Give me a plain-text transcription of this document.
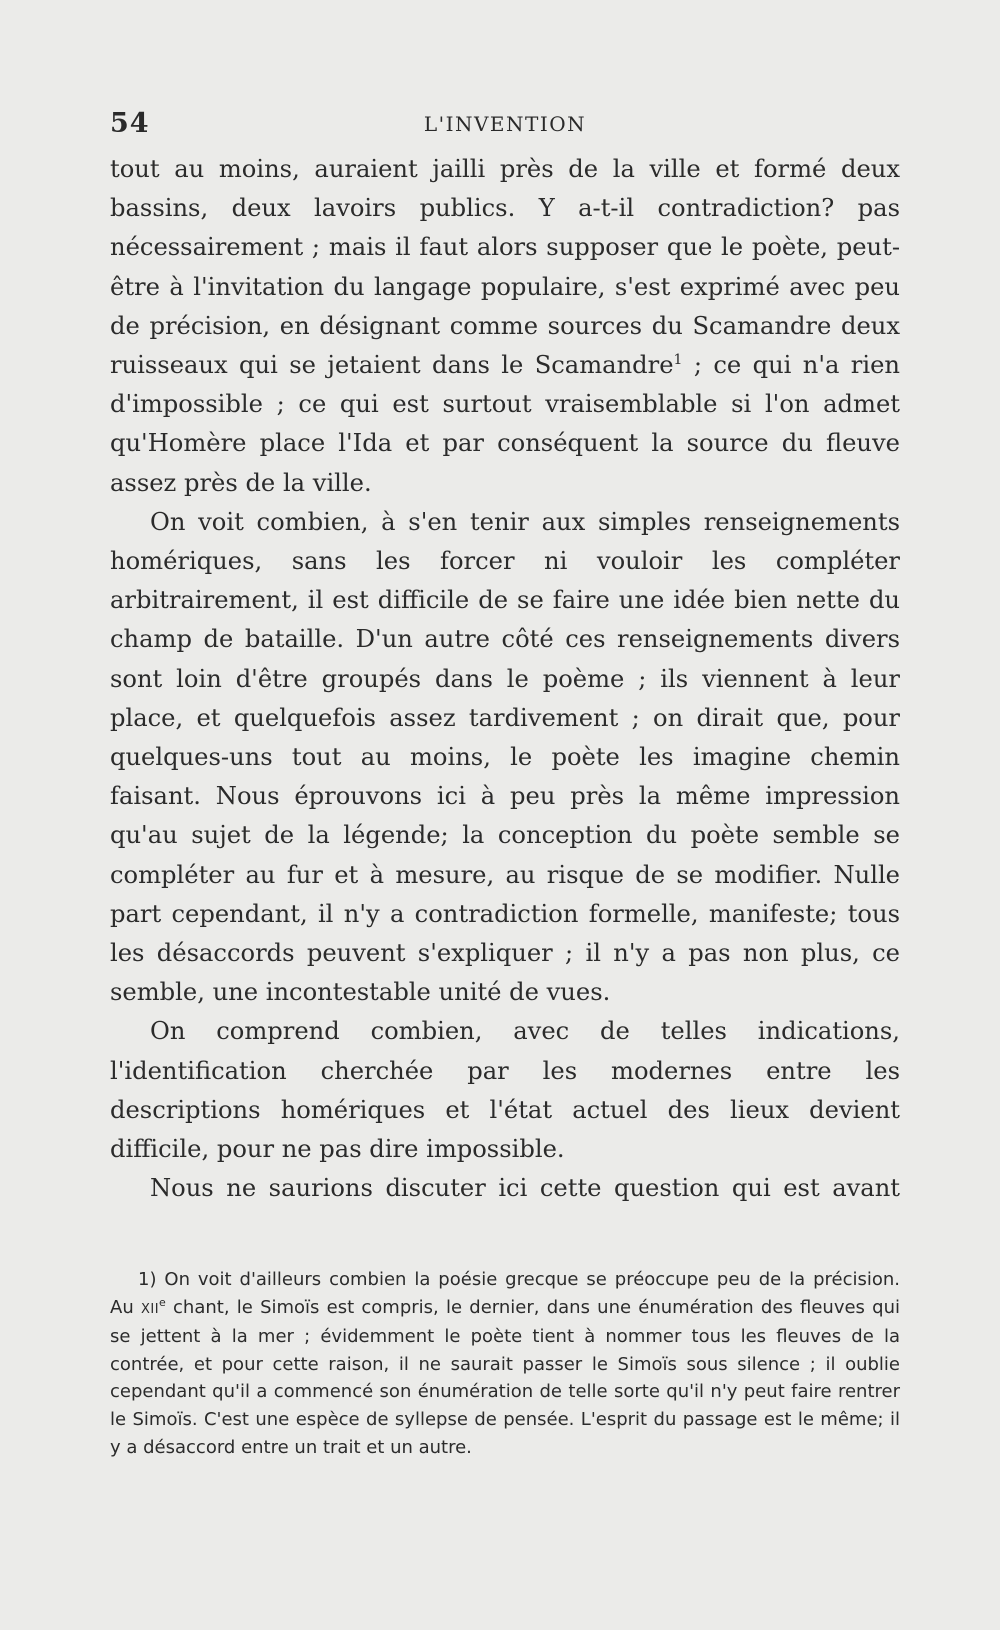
54	L'INVENTION

tout au moins, auraient jailli près de la ville et formé deux bassins, deux lavoirs publics. Y a-t-il contradiction? pas nécessairement ; mais il faut alors supposer que le poète, peut-être à l'invitation du langage populaire, s'est exprimé avec peu de précision, en désignant comme sources du Scamandre deux ruisseaux qui se jetaient dans le Scamandre$^1$ ; ce qui n'a rien d'impossible ; ce qui est surtout vraisemblable si l'on admet qu'Homère place l'Ida et par conséquent la source du fleuve assez près de la ville.

On voit combien, à s'en tenir aux simples renseignements homériques, sans les forcer ni vouloir les compléter arbitrairement, il est difficile de se faire une idée bien nette du champ de bataille. D'un autre côté ces renseignements divers sont loin d'être groupés dans le poème ; ils viennent à leur place, et quelquefois assez tardivement ; on dirait que, pour quelques-uns tout au moins, le poète les imagine chemin faisant. Nous éprouvons ici à peu près la même impression qu'au sujet de la légende; la conception du poète semble se compléter au fur et à mesure, au risque de se modifier. Nulle part cependant, il n'y a contradiction formelle, manifeste; tous les désaccords peuvent s'expliquer ; il n'y a pas non plus, ce semble, une incontestable unité de vues.

On comprend combien, avec de telles indications, l'identification cherchée par les modernes entre les descriptions homériques et l'état actuel des lieux devient difficile, pour ne pas dire impossible.

Nous ne saurions discuter ici cette question qui est avant

1) On voit d'ailleurs combien la poésie grecque se préoccupe peu de la précision. Au XIIe chant, le Simoïs est compris, le dernier, dans une énumération des fleuves qui se jettent à la mer ; évidemment le poète tient à nommer tous les fleuves de la contrée, et pour cette raison, il ne saurait passer le Simoïs sous silence ; il oublie cependant qu'il a commencé son énumération de telle sorte qu'il n'y peut faire rentrer le Simoïs. C'est une espèce de syllepse de pensée. L'esprit du passage est le même; il y a désaccord entre un trait et un autre.
